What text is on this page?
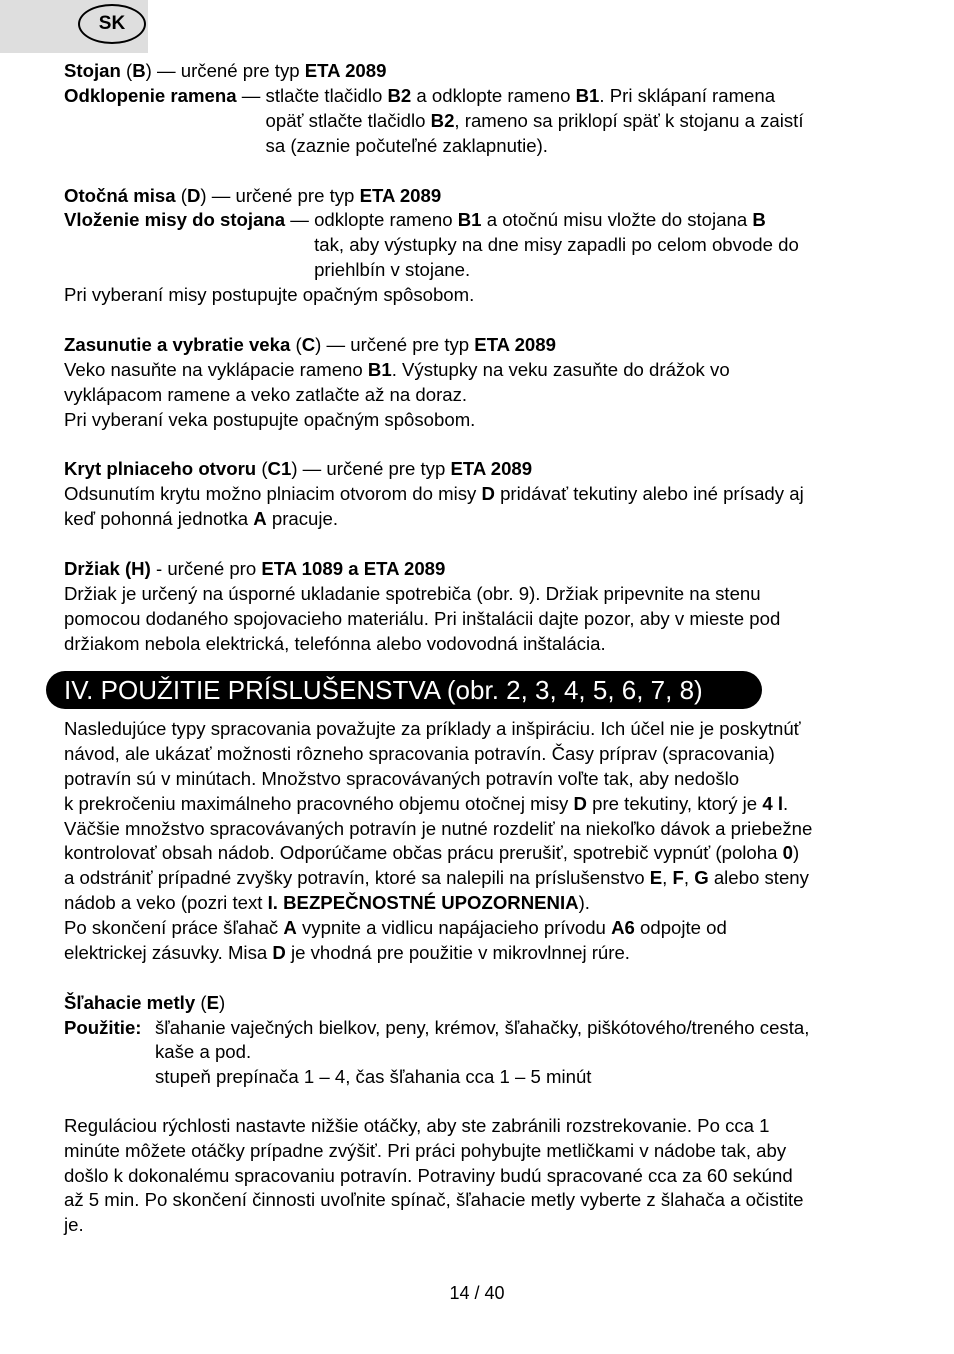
SK
Stojan (B) — určené pre typ ETA 2089
Odklopenie ramena — stlačte tlačidlo B2 a odklopte rameno B1. Pri sklápaní ramena
opäť stlačte tlačidlo B2, rameno sa priklopí späť k stojanu a zaistí
sa (zaznie počuteľné zaklapnutie).
Otočná misa (D) — určené pre typ ETA 2089
Vloženie misy do stojana — odklopte rameno B1 a otočnú misu vložte do stojana B
tak, aby výstupky na dne misy zapadli po celom obvode do
priehlbín v stojane.
Pri vyberaní misy postupujte opačným spôsobom.
Zasunutie a vybratie veka (C) — určené pre typ ETA 2089
Veko nasuňte na vyklápacie rameno B1. Výstupky na veku zasuňte do drážok vo
vyklápacom ramene a veko zatlačte až na doraz.
Pri vyberaní veka postupujte opačným spôsobom.
Kryt plniaceho otvoru (C1) — určené pre typ ETA 2089
Odsunutím krytu možno plniacim otvorom do misy D pridávať tekutiny alebo iné prísady aj
keď pohonná jednotka A pracuje.
Držiak (H) - určené pro ETA 1089 a ETA 2089
Držiak je určený na úsporné ukladanie spotrebiča (obr. 9). Držiak pripevnite na stenu
pomocou dodaného spojovacieho materiálu. Pri inštalácii dajte pozor, aby v mieste pod
držiakom nebola elektrická, telefónna alebo vodovodná inštalácia.
IV. POUŽITIE PRÍSLUŠENSTVA (obr. 2, 3, 4, 5, 6, 7, 8)
Nasledujúce typy spracovania považujte za príklady a inšpiráciu. Ich účel nie je poskytnúť
návod, ale ukázať možnosti rôzneho spracovania potravín. Časy príprav (spracovania)
potravín sú v minútach. Množstvo spracovávaných potravín voľte tak, aby nedošlo
k prekročeniu maximálneho pracovného objemu otočnej misy D pre tekutiny, ktorý je 4 l.
Väčšie množstvo spracovávaných potravín je nutné rozdeliť na niekoľko dávok a priebežne
kontrolovať obsah nádob. Odporúčame občas prácu prerušiť, spotrebič vypnúť (poloha 0)
a odstrániť prípadné zvyšky potravín, ktoré sa nalepili na príslušenstvo E, F, G alebo steny
nádob a veko (pozri text I. BEZPEČNOSTNÉ UPOZORNENIA).
Po skončení práce šľahač A vypnite a vidlicu napájacieho prívodu A6 odpojte od
elektrickej zásuvky. Misa D je vhodná pre použitie v mikrovlnnej rúre.
Šľahacie metly (E)
Použitie: šľahanie vaječných bielkov, peny, krémov, šľahačky, piškótového/treného cesta,
kaše a pod.
stupeň prepínača 1 – 4, čas šľahania cca 1 – 5 minút
Reguláciou rýchlosti nastavte nižšie otáčky, aby ste zabránili rozstrekovanie. Po cca 1
minúte môžete otáčky prípadne zvýšiť. Pri práci pohybujte metličkami v nádobe tak, aby
došlo k dokonalému spracovaniu potravín. Potraviny budú spracované cca za 60 sekúnd
až 5 min. Po skončení činnosti uvoľnite spínač, šľahacie metly vyberte z šlahača a očistite
je.
14 / 40
